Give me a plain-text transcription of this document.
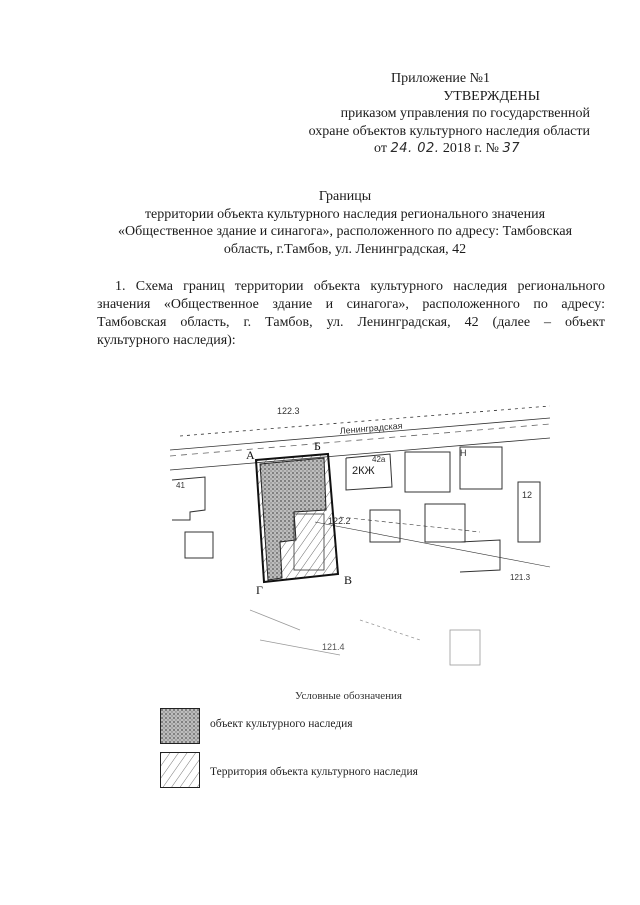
Приложение №1
УТВЕРЖДЕНЫ
приказом управления по государственной
охране объектов культурного наследия области
от 24. 02. 2018 г. № 37
Границы
территории объекта культурного наследия регионального значения
«Общественное здание и синагога», расположенного по адресу: Тамбовская
область, г.Тамбов, ул. Ленинградская, 42
1. Схема границ территории объекта культурного наследия регионального
значения «Общественное здание и синагога», расположенного по адресу:
Тамбовская область, г. Тамбов, ул. Ленинградская, 42 (далее – объект
культурного наследия):
Ленинградская
122.3
А
Б
В
Г
2КЖ
42а
41
12
122.2
121.3
Н
121.4
Условные обозначения
объект культурного наследия
Территория объекта культурного наследия
